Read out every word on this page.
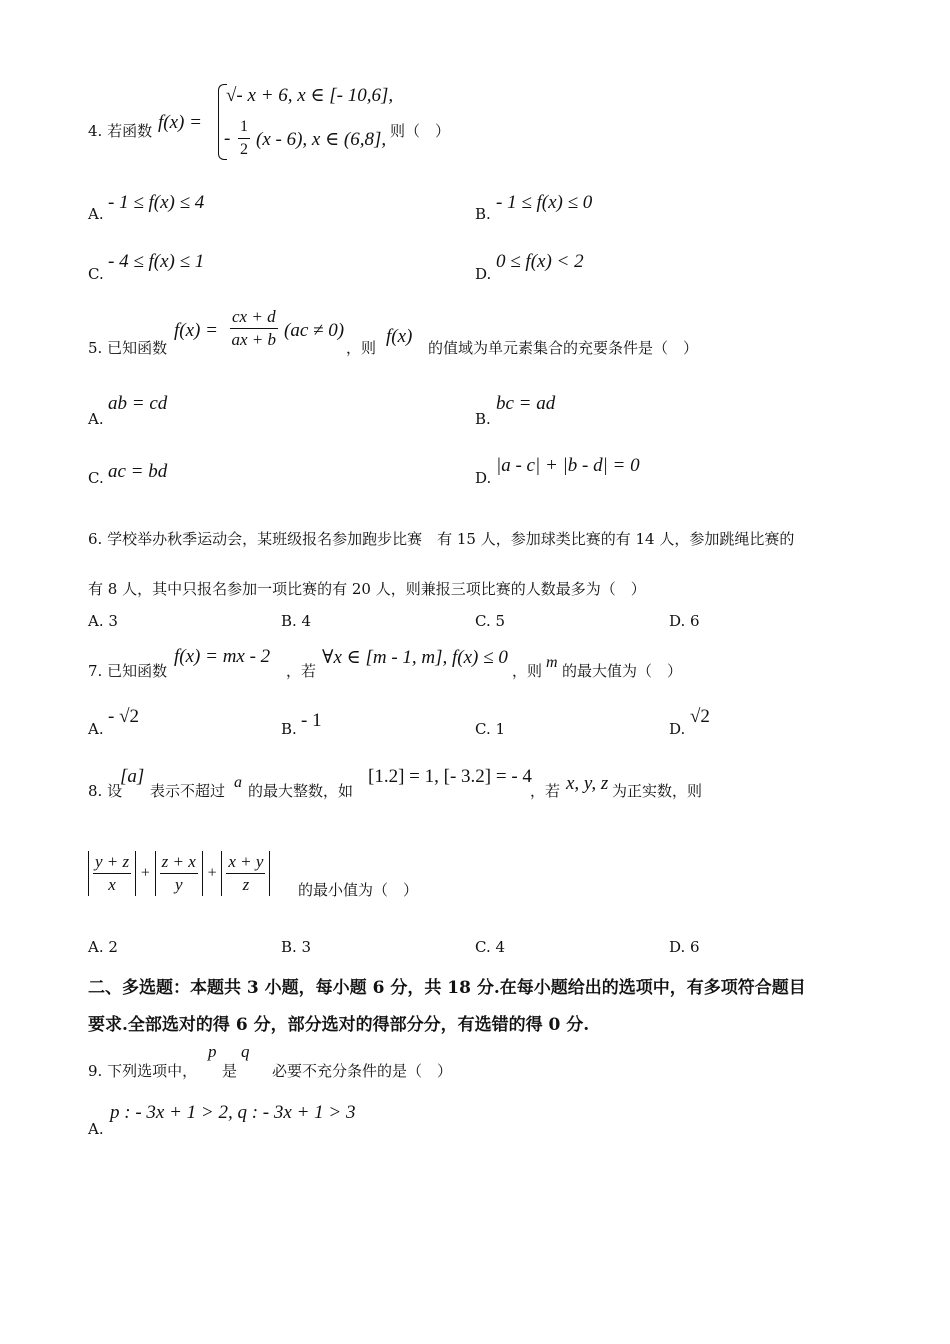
4. 若函数 f(x) =
√- x + 6, x ∈ [- 10,6],
- $\frac{1}{2} (x - 6)$, x ∈ (6,8], 则（　）
A.
- 1 ≤ f(x) ≤ 4
B.
- 1 ≤ f(x) ≤ 0
C.
- 4 ≤ f(x) ≤ 1
D.
0 ≤ f(x) < 2
5. 已知函数
$f(x) = \frac{cx + d}{ax + b} (ac \ne 0)$
，则
f(x)
的值域为单元素集合的充要条件是（　）
A.
ab = cd
B.
bc = ad
C. ac = bd	D.
|a - c| + |b - d| = 0
6. 学校举办秋季运动会，某班级报名参加跑步比赛　有 15 人，参加球类比赛的有 14 人，参加跳绳比赛的
有 8 人，其中只报名参加一项比赛的有 20 人，则兼报三项比赛的人数最多为（　）
A. 3	B. 4	C. 5	D. 6
7. 已知函数
f(x) = mx - 2
，若
∀x ∈ [m - 1, m], f(x) ≤ 0
，则 m 的最大值为（　）
A.
- √2
B. - 1	C. 1	D.
√2
8. 设
[a]
表示不超过 a 的最大整数，如
[1.2] = 1, [- 3.2] = - 4
，若 x, y, z 为正实数，则
$\frac{y + z}{x} + \frac{z + x}{y} + \frac{x + y}{z}$ 的最小值为（　）
A. 2	B. 3	C. 4	D. 6
二、多选题：本题共 3 小题，每小题 6 分，共 18 分.在每小题给出的选项中，有多项符合题目
要求.全部选对的得 6 分，部分选对的得部分分，有选错的得 0 分.
9. 下列选项中，
p
是
q
必要不充分条件的是（　）
A.
p : - 3x + 1 > 2, q : - 3x + 1 > 3
